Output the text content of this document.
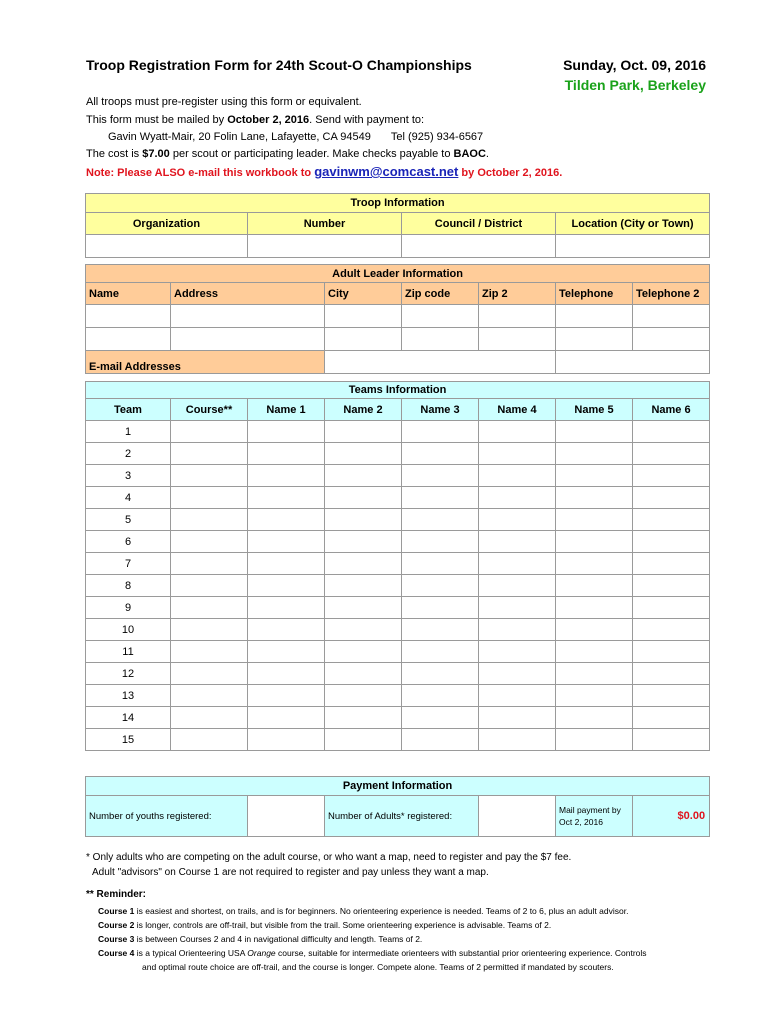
Troop Registration Form for 24th Scout-O Championships	Sunday, Oct. 09, 2016
Tilden Park, Berkeley
All troops must pre-register using this form or equivalent.
This form must be mailed by October 2, 2016. Send with payment to:
Gavin Wyatt-Mair, 20 Folin Lane, Lafayette, CA 94549 Tel (925) 934-6567
The cost is $7.00 per scout or participating leader. Make checks payable to BAOC.
Note: Please ALSO e-mail this workbook to gavinwm@comcast.net by October 2, 2016.
Troop Information			
Organization	Number	Council / District	Location (City or Town)

Adult Leader Information						
Name	Address	City	Zip code	Zip 2	Telephone	Telephone 2

E-mail Addresses						
Teams Information							
Team	Course**	Name 1	Name 2	Name 3	Name 4	Name 5	Name 6
1							
2							
3							
4							
5							
6							
7							
8							
9							
10							
11							
12							
13							
14							
15							
Payment Information
Number of youths registered:		Number of Adults* registered:		Mail payment by
Oct 2, 2016	$0.00
* Only adults who are competing on the adult course, or who want a map, need to register and pay the $7 fee.
Adult "advisors" on Course 1 are not required to register and pay unless they want a map.
** Reminder:
Course 1 is easiest and shortest, on trails, and is for beginners. No orienteering experience is needed. Teams of 2 to 6, plus an adult advisor.
Course 2 is longer, controls are off-trail, but visible from the trail. Some orienteering experience is advisable. Teams of 2.
Course 3 is between Courses 2 and 4 in navigational difficulty and length. Teams of 2.
Course 4 is a typical Orienteering USA Orange course, suitable for intermediate orienteers with substantial prior orienteering experience. Controls
and optimal route choice are off-trail, and the course is longer. Compete alone. Teams of 2 permitted if mandated by scouters.
